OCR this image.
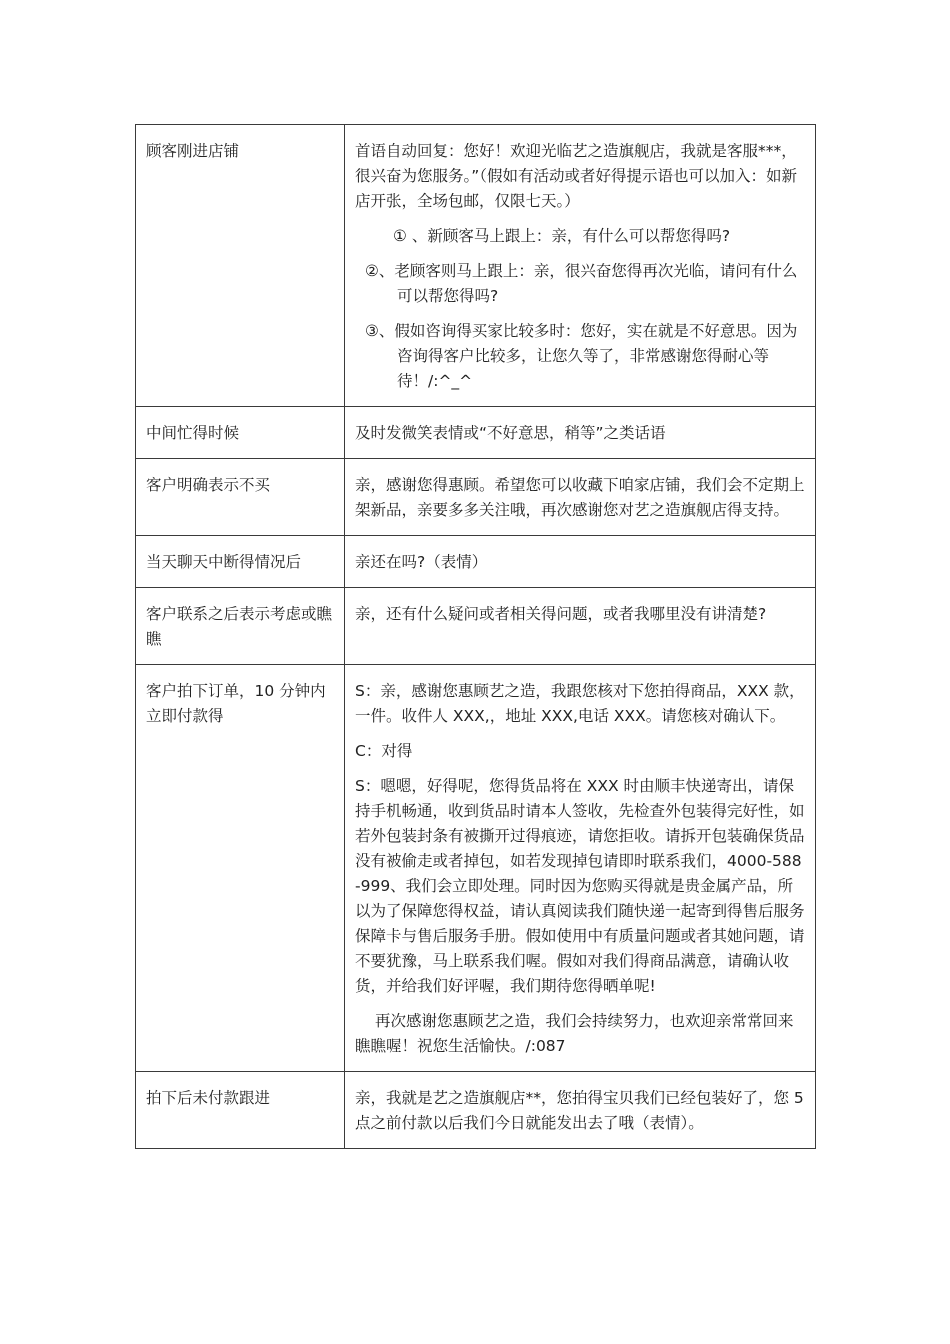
顾客刚进店铺	首语自动回复：您好！欢迎光临艺之造旗舰店，我就是客服***，很兴奋为您服务。”（假如有活动或者好得提示语也可以加入：如新店开张，全场包邮，仅限七天。）

① 、新顾客马上跟上：亲，有什么可以帮您得吗?

②、老顾客则马上跟上：亲，很兴奋您得再次光临，请问有什么可以帮您得吗?

③、假如咨询得买家比较多时：您好，实在就是不好意思。因为咨询得客户比较多，让您久等了，非常感谢您得耐心等待！/:^_^

中间忙得时候	及时发微笑表情或“不好意思，稍等”之类话语

客户明确表示不买	亲，感谢您得惠顾。希望您可以收藏下咱家店铺，我们会不定期上架新品，亲要多多关注哦，再次感谢您对艺之造旗舰店得支持。

当天聊天中断得情况后	亲还在吗?（表情）

客户联系之后表示考虑或瞧瞧	亲，还有什么疑问或者相关得问题，或者我哪里没有讲清楚?

客户拍下订单，10 分钟内立即付款得	S：亲，感谢您惠顾艺之造，我跟您核对下您拍得商品，XXX 款，一件。收件人 XXX,，地址 XXX,电话 XXX。请您核对确认下。

C：对得

S：嗯嗯，好得呢，您得货品将在 XXX 时由顺丰快递寄出，请保持手机畅通，收到货品时请本人签收，先检查外包装得完好性，如若外包装封条有被撕开过得痕迹，请您拒收。请拆开包装确保货品没有被偷走或者掉包，如若发现掉包请即时联系我们，4000-588-999、我们会立即处理。同时因为您购买得就是贵金属产品，所以为了保障您得权益，请认真阅读我们随快递一起寄到得售后服务保障卡与售后服务手册。假如使用中有质量问题或者其她问题，请不要犹豫，马上联系我们喔。假如对我们得商品满意，请确认收货，并给我们好评喔，我们期待您得晒单呢!

再次感谢您惠顾艺之造，我们会持续努力，也欢迎亲常常回来瞧瞧喔！祝您生活愉快。/:087

拍下后未付款跟进	亲，我就是艺之造旗舰店**，您拍得宝贝我们已经包装好了，您 5 点之前付款以后我们今日就能发出去了哦（表情）。
